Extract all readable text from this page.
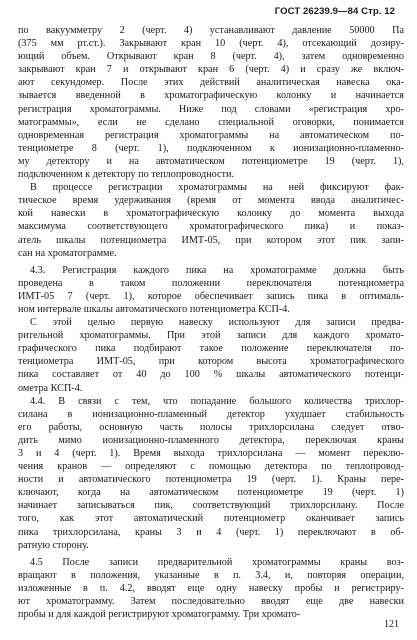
ГОСТ 26239.9—84 Стр. 12
по вакуумметру 2 (черт. 4) устанавливают давление 50000 Па
(375 мм рт.ст.). Закрывают кран 10 (черт. 4), отсекающий дозиру-
ющий объем. Открывают кран 8 (черт. 4), затем одновременно
закрывают кран 7 и открывают кран 6 (черт. 4) и сразу же включ-
ают секундомер. После этих действий аналитическая навеска ока-
зывается введенной в хроматографическую колонку и начинается
регистрация хроматограммы. Ниже под словами «регистрация хро-
матограммы», если не сделано специальной оговорки, понимается
одновременная регистрация хроматограммы на автоматическом по-
тенциометре 8 (черт. 1), подключенном к ионизационно-пламенно-
му детектору и на автоматическом потенциометре 19 (черт. 1),
подключенном к детектору по теплопроводности.
В процессе регистрации хроматограммы на ней фиксируют фак-
тическое время удерживания (время от момента ввода аналитичес-
кой навески в хроматографическую колонку до момента выхода
максимума соответствующего хроматографического пика) и показ-
атель шкалы потенциометра ИМТ-05, при котором этот пик запи-
сан на хроматограмме.
4.3. Регистрация каждого пика на хроматограмме должна быть
проведена в таком положении переключателя потенциометра
ИМТ-05 7 (черт. 1), которое обеспечивает запись пика в оптималь-
ном интервале шкалы автоматического потенциометра КСП-4.
С этой целью первую навеску используют для записи предва-
рительной хроматограммы. При этой записи для каждого хромато-
графического пика подбирают такое положение переключателя по-
тенциометра ИМТ-05, при котором высота хроматографического
пика составляет от 40 до 100 % шкалы автоматического потенци-
ометра КСП-4.
4.4. В связи с тем, что попадание большого количества трихлор-
силана в ионизационно-пламенный детектор ухудшает стабильность
его работы, основную часть полосы трихлорсилана следует отво-
дить мимо ионизационно-пламенного детектора, переключая краны
3 и 4 (черт. 1). Время выхода трихлорсилана — момент переклю-
чения кранов — определяют с помощью детектора по теплопровод-
ности и автоматического потенциометра 19 (черт. 1). Краны пере-
ключают, когда на автоматическом потенциометре 19 (черт. 1)
начинает записываться пик, соответствующий трихлорсилану. После
того, как этот автоматический потенциометр оканчивает запись
пика трихлорсилана, краны 3 и 4 (черт. 1) переключают в об-
ратную сторону.
4.5 После записи предварительной хроматограммы краны воз-
вращают в положения, указанные в п. 3.4, и, повторяя операции,
изложенные в п. 4.2, вводят еще одну навеску пробы и регистриру-
ют хроматограмму. Затем последовательно вводят еще две навески
пробы и для каждой регистрируют хроматограмму. Три хромато-
121
